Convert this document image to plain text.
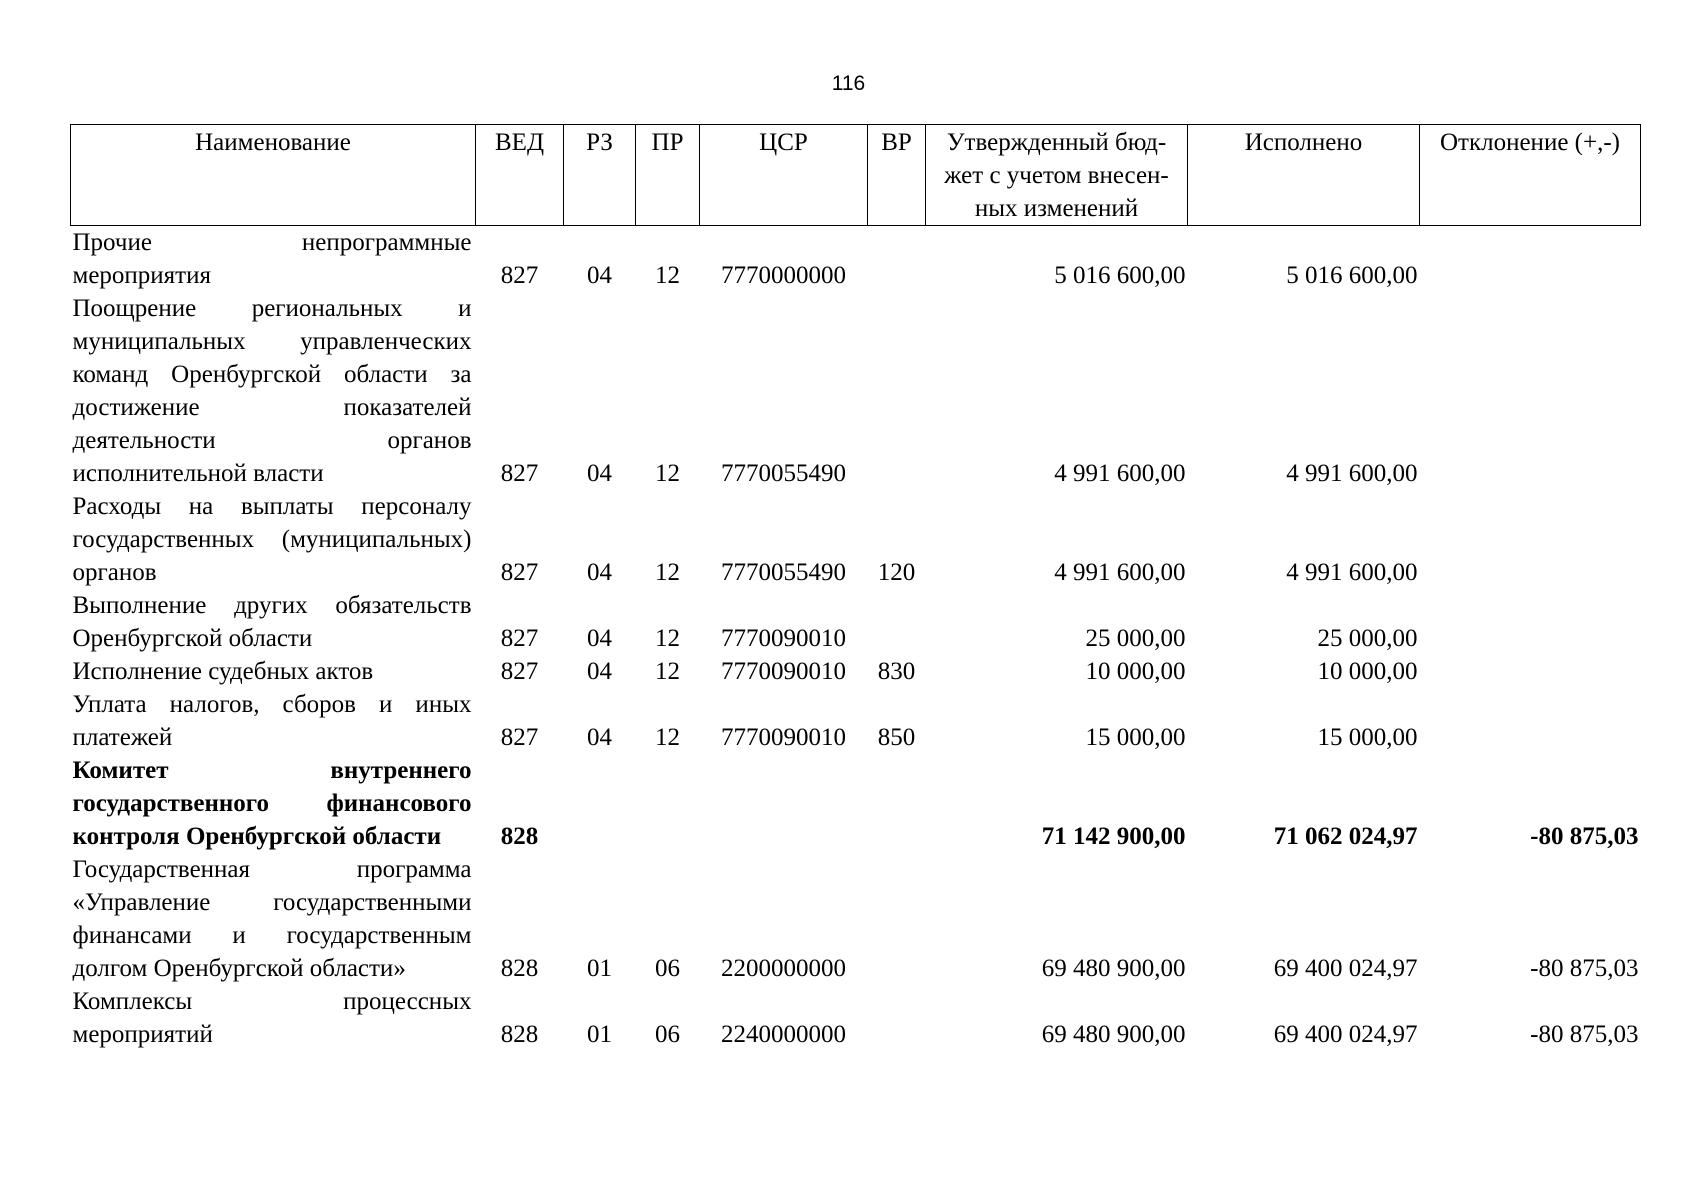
116
Наименование	ВЕД	РЗ	ПР	ЦСР	ВР	Утвержденный бюд-жет с учетом внесен-ных изменений	Исполнено	Отклонение (+,-)
Прочие непрограммные мероприятия	827	04	12	7770000000		5 016 600,00	5 016 600,00	
Поощрение региональных и муниципальных управленческих команд Оренбургской области за достижение показателей деятельности органов исполнительной власти	827	04	12	7770055490		4 991 600,00	4 991 600,00	
Расходы на выплаты персоналу государственных (муниципальных) органов	827	04	12	7770055490	120	4 991 600,00	4 991 600,00	
Выполнение других обязательств Оренбургской области	827	04	12	7770090010		25 000,00	25 000,00	
Исполнение судебных актов	827	04	12	7770090010	830	10 000,00	10 000,00	
Уплата налогов, сборов и иных платежей	827	04	12	7770090010	850	15 000,00	15 000,00	
Комитет внутреннего государственного финансового контроля Оренбургской области	828					71 142 900,00	71 062 024,97	-80 875,03
Государственная программа «Управление государственными финансами и государственным долгом Оренбургской области»	828	01	06	2200000000		69 480 900,00	69 400 024,97	-80 875,03
Комплексы процессных мероприятий	828	01	06	2240000000		69 480 900,00	69 400 024,97	-80 875,03
